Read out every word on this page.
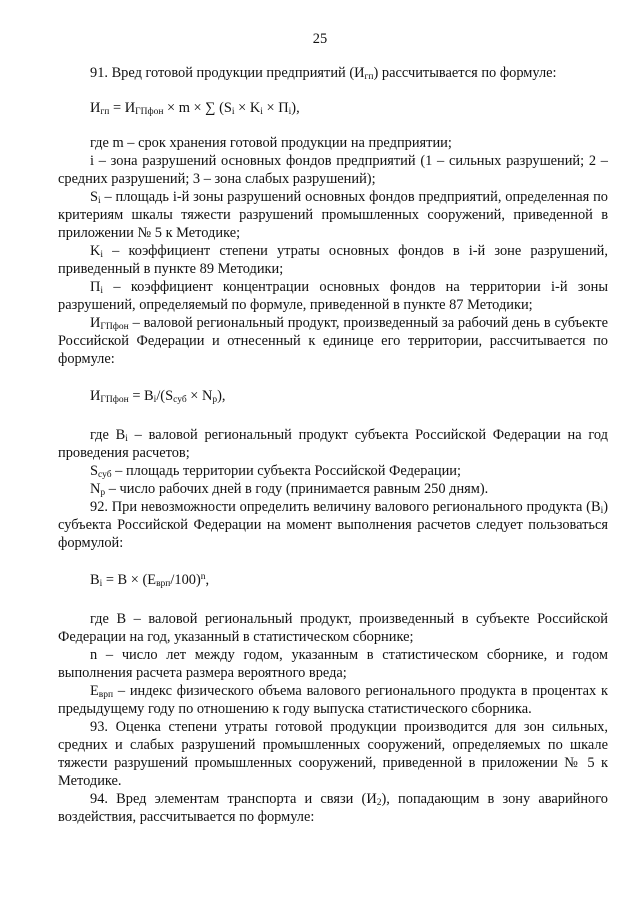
25

91. Вред готовой продукции предприятий $(И_{гп})$ рассчитывается по формуле:

$И_{гп} = И_{ГПфон} \times m$ × ∑ $(S_i \times K_i \times П_i)$,

где m – срок хранения готовой продукции на предприятии;

i – зона разрушений основных фондов предприятий (1 – сильных разрушений; 2 – средних разрушений; 3 – зона слабых разрушений);

$S_i$ – площадь i-й зоны разрушений основных фондов предприятий, определенная по критериям шкалы тяжести разрушений промышленных сооружений, приведенной в приложении № 5 к Методике;

$K_i$ – коэффициент степени утраты основных фондов в i-й зоне разрушений, приведенный в пункте 89 Методики;

$П_i$ – коэффициент концентрации основных фондов на территории i-й зоны разрушений, определяемый по формуле, приведенной в пункте 87 Методики;

$И_{ГПфон}$ – валовой региональный продукт, произведенный за рабочий день в субъекте Российской Федерации и отнесенный к единице его территории, рассчитывается по формуле:

$И_{ГПфон} = B_i/(S_{суб} \times N_р)$,

где $B_i$ – валовой региональный продукт субъекта Российской Федерации на год проведения расчетов;

$S_{суб}$ – площадь территории субъекта Российской Федерации;

$N_р$ – число рабочих дней в году (принимается равным 250 дням).

92. При невозможности определить величину валового регионального продукта $(B_i)$ субъекта Российской Федерации на момент выполнения расчетов следует пользоваться формулой:

$B_i = B \times (E_{врп}/100)^n$,

где B – валовой региональный продукт, произведенный в субъекте Российской Федерации на год, указанный в статистическом сборнике;

n – число лет между годом, указанным в статистическом сборнике, и годом выполнения расчета размера вероятного вреда;

$E_{врп}$ – индекс физического объема валового регионального продукта в процентах к предыдущему году по отношению к году выпуска статистического сборника.

93. Оценка степени утраты готовой продукции производится для зон сильных, средних и слабых разрушений промышленных сооружений, определяемых по шкале тяжести разрушений промышленных сооружений, приведенной в приложении № 5 к Методике.

94. Вред элементам транспорта и связи $(И_2)$, попадающим в зону аварийного воздействия, рассчитывается по формуле:
